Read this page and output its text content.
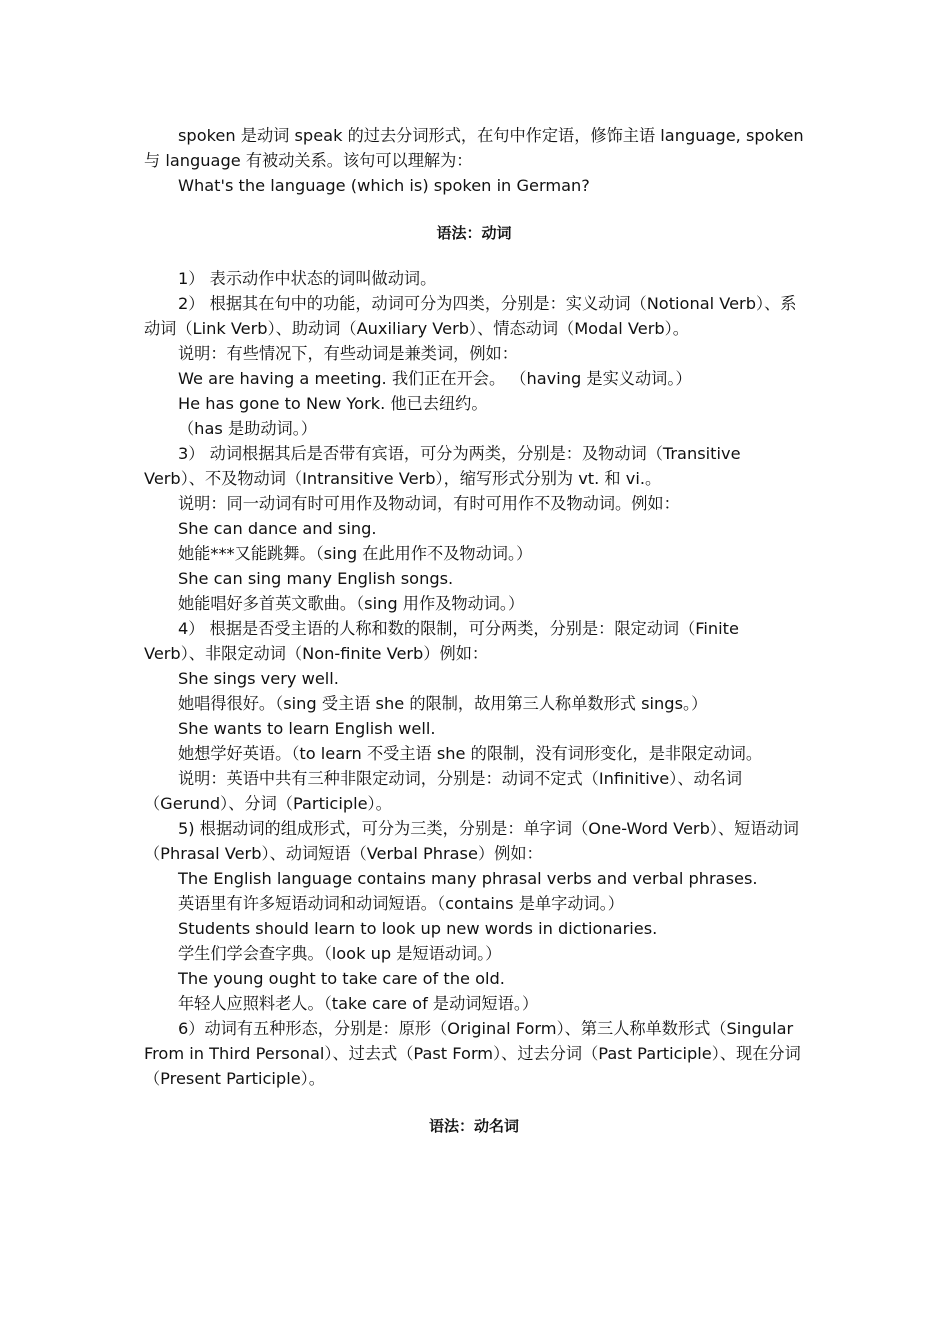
spoken 是动词 speak 的过去分词形式，在句中作定语，修饰主语 language, spoken 与 language 有被动关系。该句可以理解为：

What's the language (which is) spoken in German?

语法：动词

1） 表示动作中状态的词叫做动词。

2） 根据其在句中的功能，动词可分为四类，分别是：实义动词（Notional Verb）、系动词（Link Verb）、助动词（Auxiliary Verb）、情态动词（Modal Verb）。

说明：有些情况下，有些动词是兼类词，例如：

We are having a meeting. 我们正在开会。 （having 是实义动词。）

He has gone to New York. 他已去纽约。

（has 是助动词。）

3） 动词根据其后是否带有宾语，可分为两类，分别是：及物动词（Transitive Verb）、不及物动词（Intransitive Verb），缩写形式分别为 vt. 和 vi.。

说明：同一动词有时可用作及物动词，有时可用作不及物动词。例如：

She can dance and sing.

她能***又能跳舞。（sing 在此用作不及物动词。）

She can sing many English songs.

她能唱好多首英文歌曲。（sing 用作及物动词。）

4） 根据是否受主语的人称和数的限制，可分两类，分别是：限定动词（Finite Verb）、非限定动词（Non-finite Verb）例如：

She sings very well.

她唱得很好。（sing 受主语 she 的限制，故用第三人称单数形式 sings。）

She wants to learn English well.

她想学好英语。（to learn 不受主语 she 的限制，没有词形变化，是非限定动词。

说明：英语中共有三种非限定动词，分别是：动词不定式（Infinitive）、动名词（Gerund）、分词（Participle）。

5) 根据动词的组成形式，可分为三类，分别是：单字词（One-Word Verb）、短语动词（Phrasal Verb）、动词短语（Verbal Phrase）例如：

The English language contains many phrasal verbs and verbal phrases.

英语里有许多短语动词和动词短语。（contains 是单字动词。）

Students should learn to look up new words in dictionaries.

学生们学会查字典。（look up 是短语动词。）

The young ought to take care of the old.

年轻人应照料老人。（take care of 是动词短语。）

6）动词有五种形态，分别是：原形（Original Form）、第三人称单数形式（Singular From in Third Personal）、过去式（Past Form）、过去分词（Past Participle）、现在分词（Present Participle）。

语法：动名词
